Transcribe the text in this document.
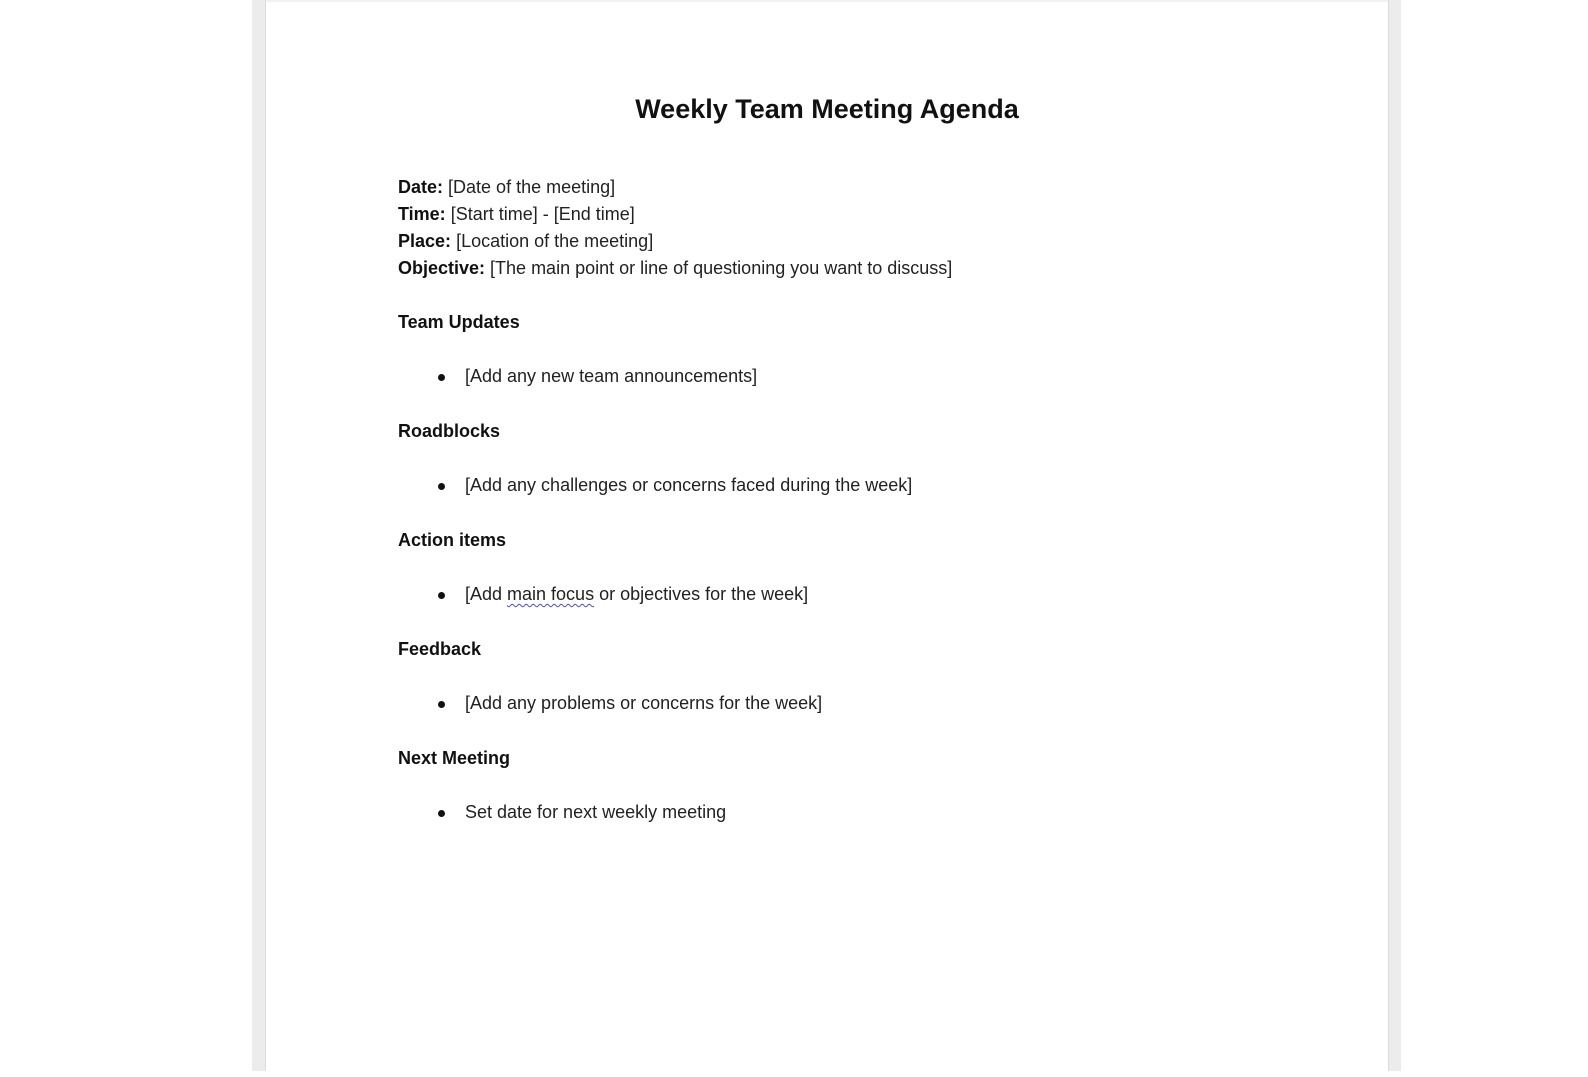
Weekly Team Meeting Agenda
Date: [Date of the meeting]
Time: [Start time] - [End time]
Place: [Location of the meeting]
Objective: [The main point or line of questioning you want to discuss]
Team Updates
[Add any new team announcements]
Roadblocks
[Add any challenges or concerns faced during the week]
Action items
[Add main focus or objectives for the week]
Feedback
[Add any problems or concerns for the week]
Next Meeting
Set date for next weekly meeting
